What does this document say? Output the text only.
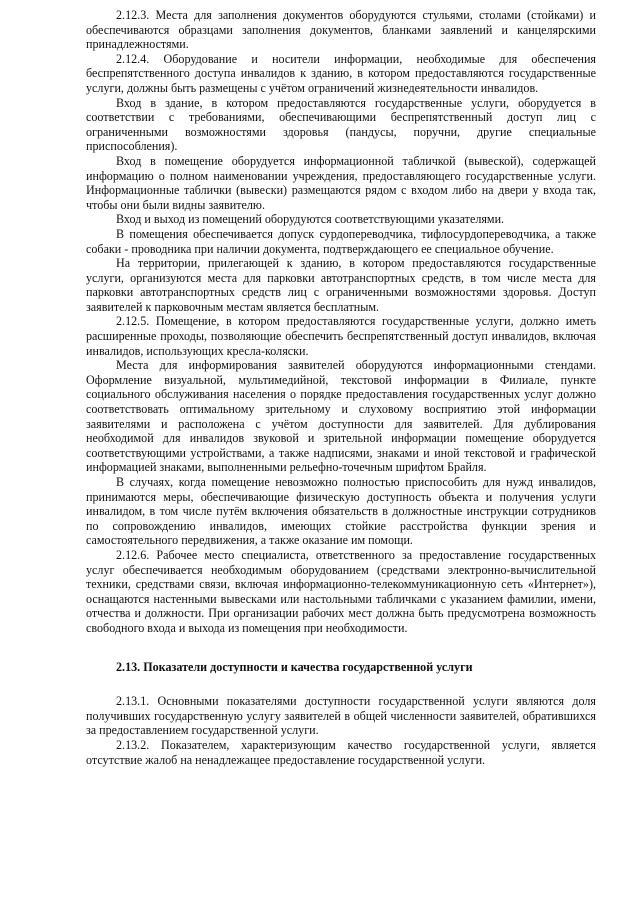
2.12.3. Места для заполнения документов оборудуются стульями, столами (стойками) и обеспечиваются образцами заполнения документов, бланками заявлений и канцелярскими принадлежностями.

2.12.4. Оборудование и носители информации, необходимые для обеспечения беспрепятственного доступа инвалидов к зданию, в котором предоставляются государственные услуги, должны быть размещены с учётом ограничений жизнедеятельности инвалидов.

Вход в здание, в котором предоставляются государственные услуги, оборудуется в соответствии с требованиями, обеспечивающими беспрепятственный доступ лиц с ограниченными возможностями здоровья (пандусы, поручни, другие специальные приспособления).

Вход в помещение оборудуется информационной табличкой (вывеской), содержащей информацию о полном наименовании учреждения, предоставляющего государственные услуги. Информационные таблички (вывески) размещаются рядом с входом либо на двери у входа так, чтобы они были видны заявителю.

Вход и выход из помещений оборудуются соответствующими указателями.

В помещения обеспечивается допуск сурдопереводчика, тифлосурдопереводчика, а также собаки - проводника при наличии документа, подтверждающего ее специальное обучение.

На территории, прилегающей к зданию, в котором предоставляются государственные услуги, организуются места для парковки автотранспортных средств, в том числе места для парковки автотранспортных средств лиц с ограниченными возможностями здоровья. Доступ заявителей к парковочным местам является бесплатным.

2.12.5. Помещение, в котором предоставляются государственные услуги, должно иметь расширенные проходы, позволяющие обеспечить беспрепятственный доступ инвалидов, включая инвалидов, использующих кресла-коляски.

Места для информирования заявителей оборудуются информационными стендами. Оформление визуальной, мультимедийной, текстовой информации в Филиале, пункте социального обслуживания населения о порядке предоставления государственных услуг должно соответствовать оптимальному зрительному и слуховому восприятию этой информации заявителями и расположена с учётом доступности для заявителей. Для дублирования необходимой для инвалидов звуковой и зрительной информации помещение оборудуется соответствующими устройствами, а также надписями, знаками и иной текстовой и графической информацией знаками, выполненными рельефно-точечным шрифтом Брайля.

В случаях, когда помещение невозможно полностью приспособить для нужд инвалидов, принимаются меры, обеспечивающие физическую доступность объекта и получения услуги инвалидом, в том числе путём включения обязательств в должностные инструкции сотрудников по сопровождению инвалидов, имеющих стойкие расстройства функции зрения и самостоятельного передвижения, а также оказание им помощи.

2.12.6. Рабочее место специалиста, ответственного за предоставление государственных услуг обеспечивается необходимым оборудованием (средствами электронно-вычислительной техники, средствами связи, включая информационно-телекоммуникационную сеть «Интернет»), оснащаются настенными вывесками или настольными табличками с указанием фамилии, имени, отчества и должности. При организации рабочих мест должна быть предусмотрена возможность свободного входа и выхода из помещения при необходимости.

2.13. Показатели доступности и качества государственной услуги

2.13.1. Основными показателями доступности государственной услуги являются доля получивших государственную услугу заявителей в общей численности заявителей, обратившихся за предоставлением государственной услуги.

2.13.2. Показателем, характеризующим качество государственной услуги, является отсутствие жалоб на ненадлежащее предоставление государственной услуги.
